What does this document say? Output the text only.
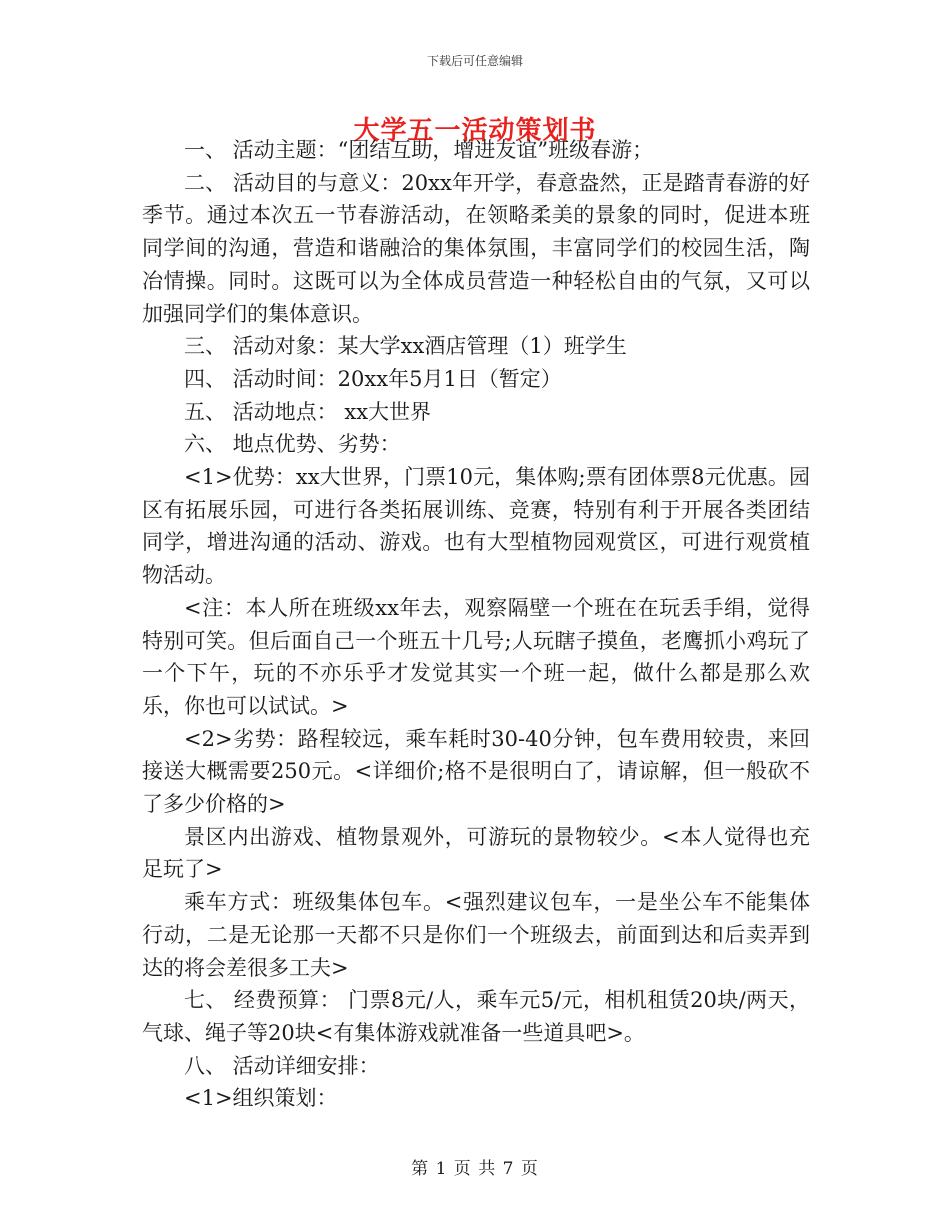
下载后可任意编辑
大学五一活动策划书

一、 活动主题：“团结互助，增进友谊”班级春游；

二、 活动目的与意义：20xx年开学，春意盎然，正是踏青春游的好季节。通过本次五一节春游活动，在领略柔美的景象的同时，促进本班同学间的沟通，营造和谐融洽的集体氛围，丰富同学们的校园生活，陶冶情操。同时。这既可以为全体成员营造一种轻松自由的气氛，又可以加强同学们的集体意识。

三、 活动对象：某大学xx酒店管理（1）班学生

四、 活动时间：20xx年5月1日（暂定）

五、 活动地点： xx大世界

六、 地点优势、劣势：

<1>优势：xx大世界，门票10元，集体购;票有团体票8元优惠。园区有拓展乐园，可进行各类拓展训练、竞赛，特别有利于开展各类团结同学，增进沟通的活动、游戏。也有大型植物园观赏区，可进行观赏植物活动。

<注：本人所在班级xx年去，观察隔壁一个班在在玩丢手绢，觉得特别可笑。但后面自己一个班五十几号;人玩瞎子摸鱼，老鹰抓小鸡玩了一个下午，玩的不亦乐乎才发觉其实一个班一起，做什么都是那么欢乐，你也可以试试。>

<2>劣势：路程较远，乘车耗时30-40分钟，包车费用较贵，来回接送大概需要250元。<详细价;格不是很明白了，请谅解，但一般砍不了多少价格的>

景区内出游戏、植物景观外，可游玩的景物较少。<本人觉得也充足玩了>

乘车方式：班级集体包车。<强烈建议包车，一是坐公车不能集体行动，二是无论那一天都不只是你们一个班级去，前面到达和后卖弄到达的将会差很多工夫>

七、 经费预算： 门票8元/人，乘车元5/元，相机租赁20块/两天，气球、绳子等20块<有集体游戏就准备一些道具吧>。

八、 活动详细安排：

<1>组织策划：

第 1 页 共 7 页
